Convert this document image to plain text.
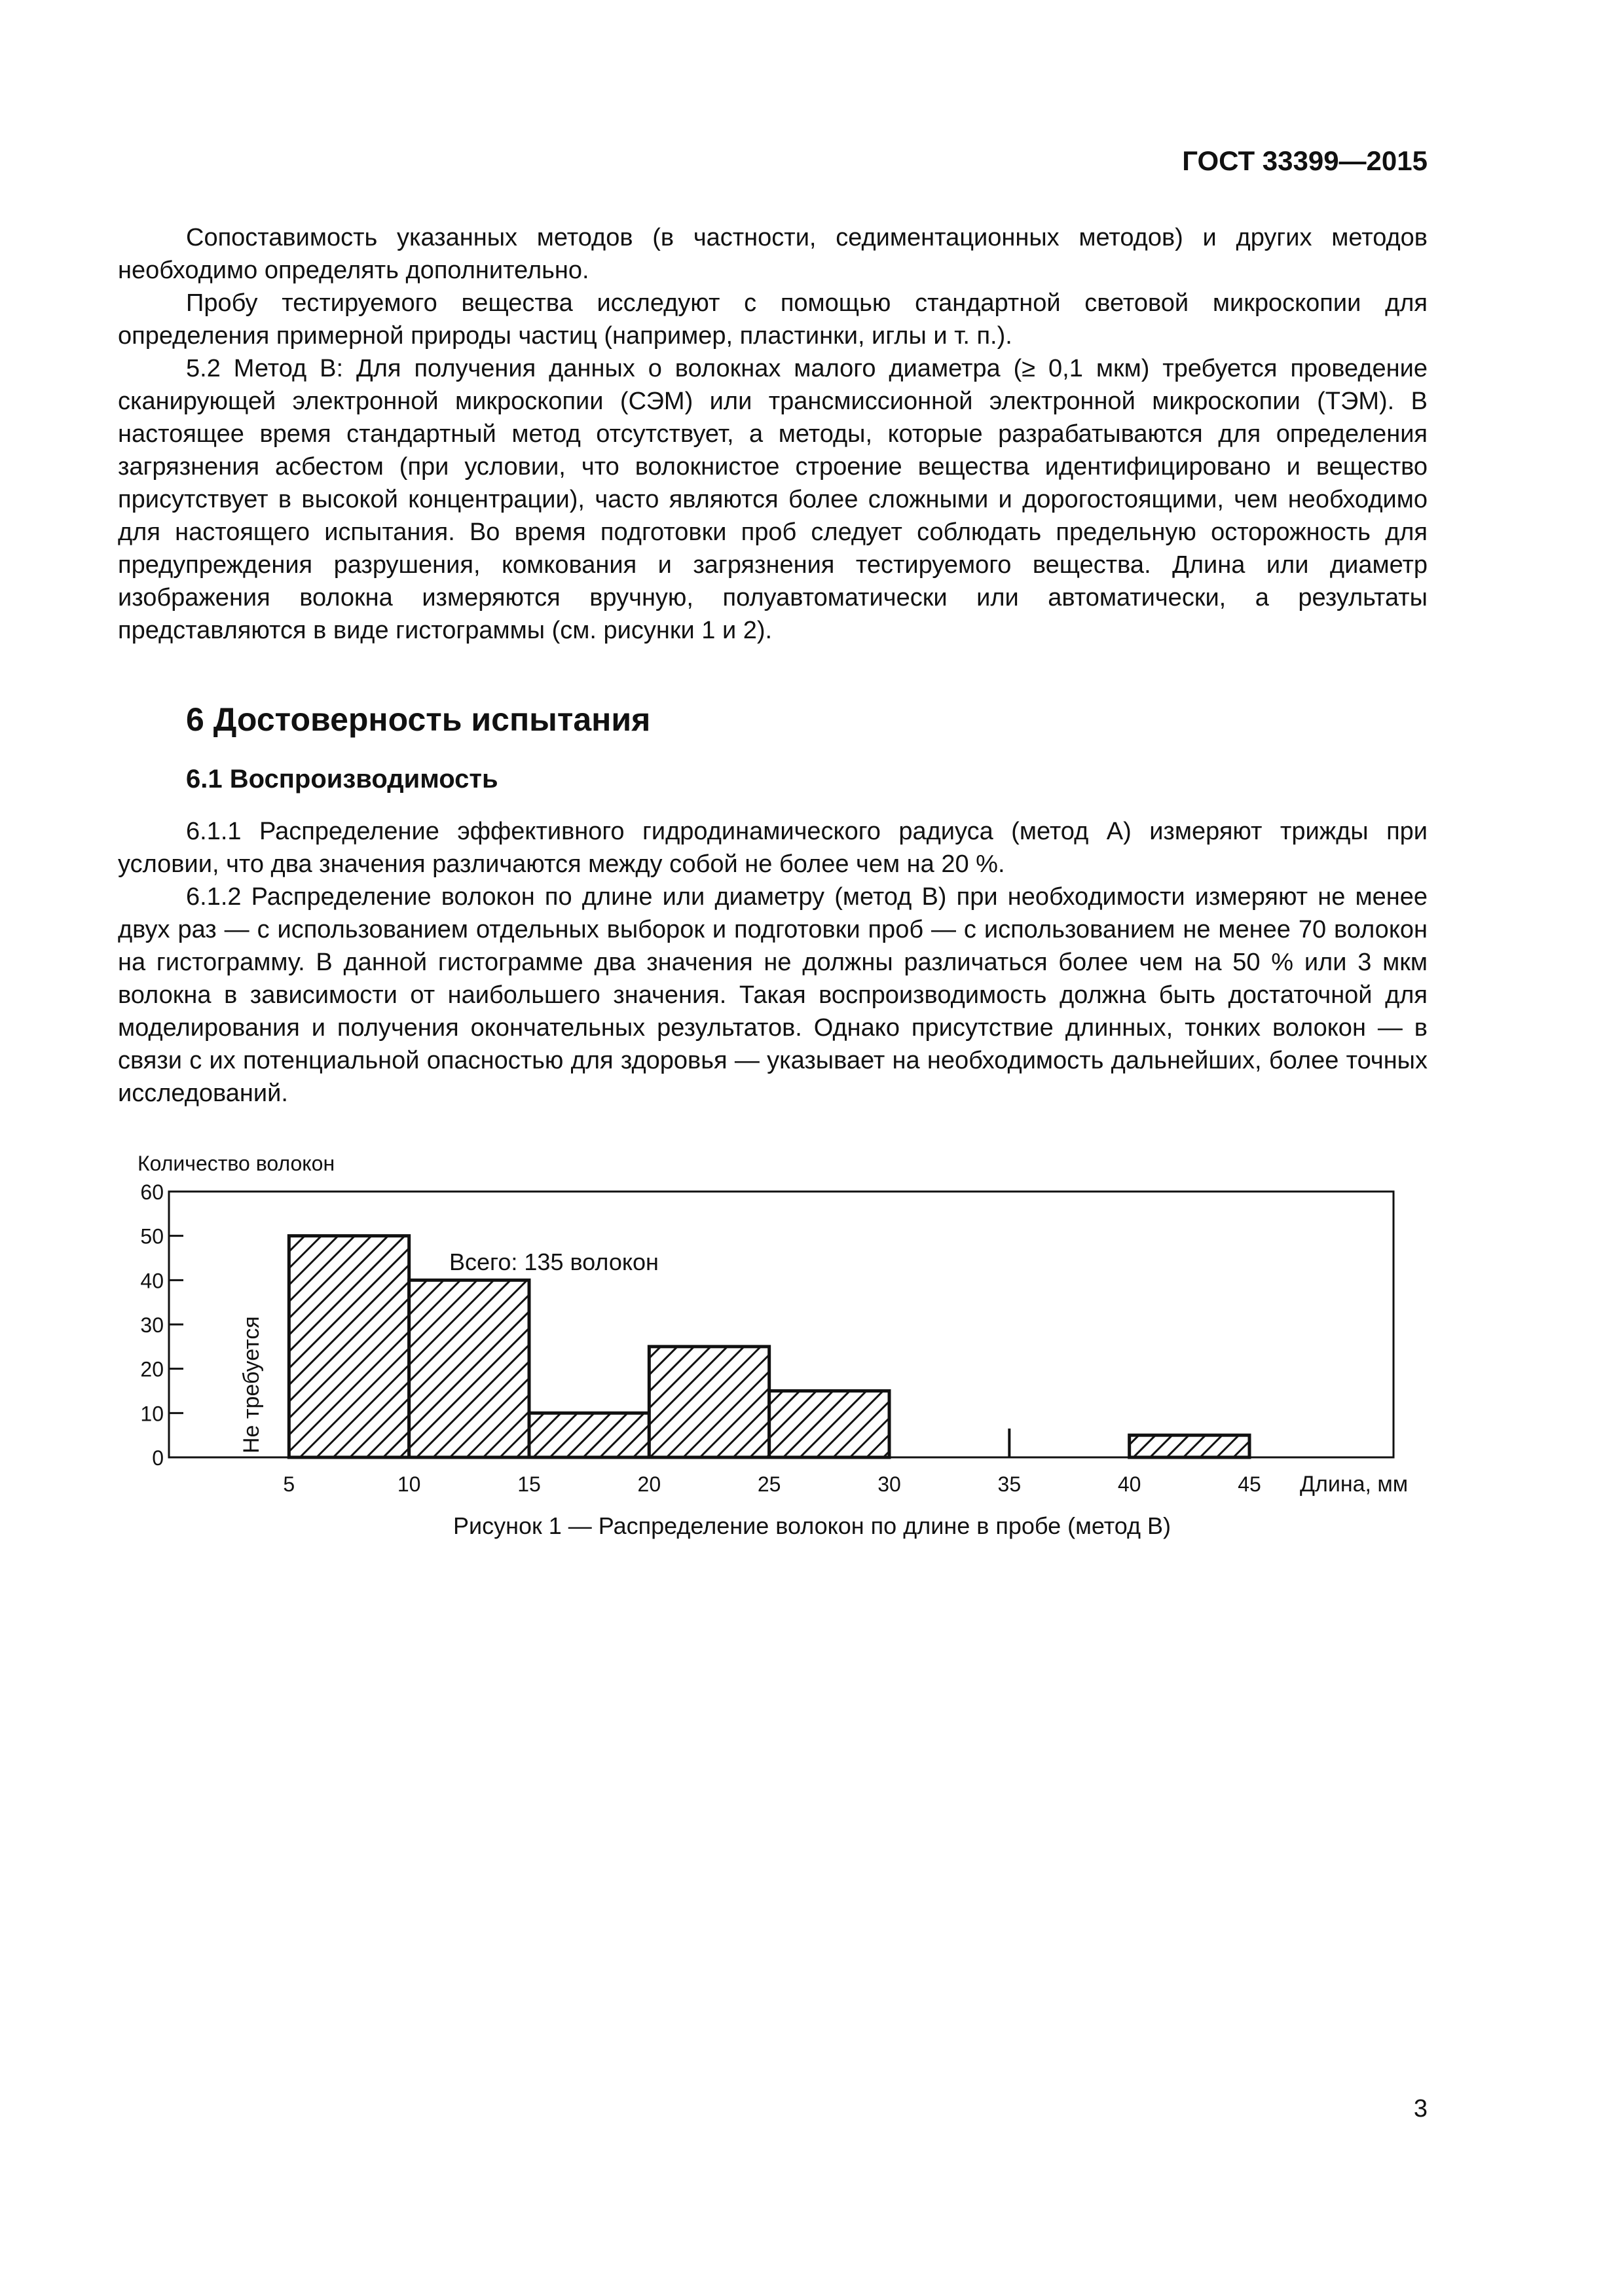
ГОСТ 33399—2015

Сопоставимость указанных методов (в частности, седиментационных методов) и других методов необходимо определять дополнительно.

Пробу тестируемого вещества исследуют с помощью стандартной световой микроскопии для определения примерной природы частиц (например, пластинки, иглы и т. п.).

5.2 Метод В: Для получения данных о волокнах малого диаметра (≥ 0,1 мкм) требуется проведение сканирующей электронной микроскопии (СЭМ) или трансмиссионной электронной микроскопии (ТЭМ). В настоящее время стандартный метод отсутствует, а методы, которые разрабатываются для определения загрязнения асбестом (при условии, что волокнистое строение вещества идентифицировано и вещество присутствует в высокой концентрации), часто являются более сложными и дорогостоящими, чем необходимо для настоящего испытания. Во время подготовки проб следует соблюдать предельную осторожность для предупреждения разрушения, комкования и загрязнения тестируемого вещества. Длина или диаметр изображения волокна измеряются вручную, полуавтоматически или автоматически, а результаты представляются в виде гистограммы (см. рисунки 1 и 2).

6 Достоверность испытания
6.1 Воспроизводимость

6.1.1 Распределение эффективного гидродинамического радиуса (метод А) измеряют трижды при условии, что два значения различаются между собой не более чем на 20 %.

6.1.2 Распределение волокон по длине или диаметру (метод В) при необходимости измеряют не менее двух раз — с использованием отдельных выборок и подготовки проб — с использованием не менее 70 волокон на гистограмму. В данной гистограмме два значения не должны различаться более чем на 50 % или 3 мкм волокна в зависимости от наибольшего значения. Такая воспроизводимость должна быть достаточной для моделирования и получения окончательных результатов. Однако присутствие длинных, тонких волокон — в связи с их потенциальной опасностью для здоровья — указывает на необходимость дальнейших, более точных исследований.

Количество волокон
0
10
20
30
40
50
60
5	10	15	20	25	30	35	40	45
Всего: 135 волокон
Не требуется
Длина, мм
Рисунок 1 — Распределение волокон по длине в пробе (метод В)
3
